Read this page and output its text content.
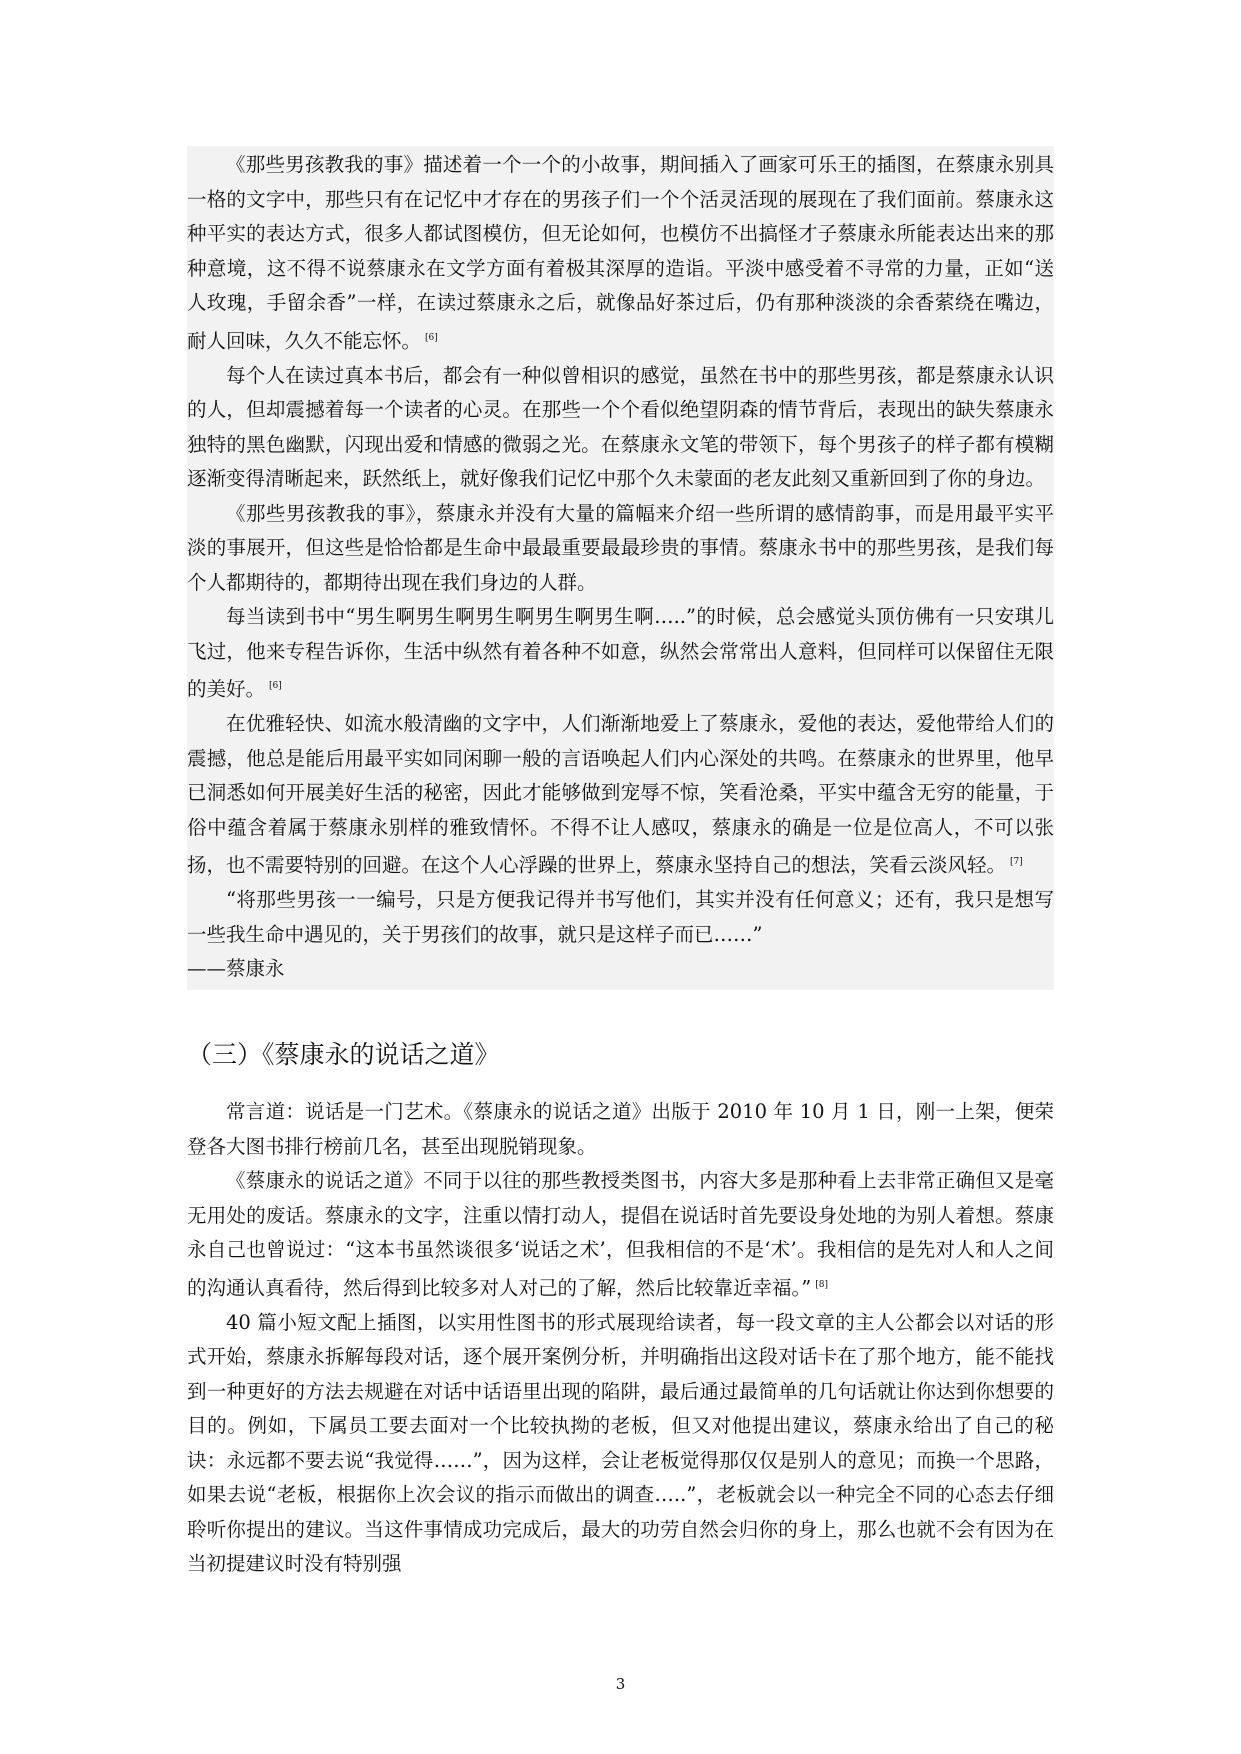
《那些男孩教我的事》描述着一个一个的小故事，期间插入了画家可乐王的插图，在蔡康永别具一格的文字中，那些只有在记忆中才存在的男孩子们一个个活灵活现的展现在了我们面前。蔡康永这种平实的表达方式，很多人都试图模仿，但无论如何，也模仿不出搞怪才子蔡康永所能表达出来的那种意境，这不得不说蔡康永在文学方面有着极其深厚的造诣。平淡中感受着不寻常的力量，正如“送人玫瑰，手留余香”一样，在读过蔡康永之后，就像品好茶过后，仍有那种淡淡的余香萦绕在嘴边，耐人回味，久久不能忘怀。 [6]

每个人在读过真本书后，都会有一种似曾相识的感觉，虽然在书中的那些男孩，都是蔡康永认识的人，但却震撼着每一个读者的心灵。在那些一个个看似绝望阴森的情节背后，表现出的缺失蔡康永独特的黑色幽默，闪现出爱和情感的微弱之光。在蔡康永文笔的带领下，每个男孩子的样子都有模糊逐渐变得清晰起来，跃然纸上，就好像我们记忆中那个久未蒙面的老友此刻又重新回到了你的身边。

《那些男孩教我的事》，蔡康永并没有大量的篇幅来介绍一些所谓的感情韵事，而是用最平实平淡的事展开，但这些是恰恰都是生命中最最重要最最珍贵的事情。蔡康永书中的那些男孩，是我们每个人都期待的，都期待出现在我们身边的人群。

每当读到书中“男生啊男生啊男生啊男生啊男生啊…..”的时候，总会感觉头顶仿佛有一只安琪儿飞过，他来专程告诉你，生活中纵然有着各种不如意，纵然会常常出人意料，但同样可以保留住无限的美好。 [6]

在优雅轻快、如流水般清幽的文字中，人们渐渐地爱上了蔡康永，爱他的表达，爱他带给人们的震撼，他总是能后用最平实如同闲聊一般的言语唤起人们内心深处的共鸣。在蔡康永的世界里，他早已洞悉如何开展美好生活的秘密，因此才能够做到宠辱不惊，笑看沧桑，平实中蕴含无穷的能量，于俗中蕴含着属于蔡康永别样的雅致情怀。不得不让人感叹，蔡康永的确是一位是位高人，不可以张扬，也不需要特别的回避。在这个人心浮躁的世界上，蔡康永坚持自己的想法，笑看云淡风轻。 [7]

“将那些男孩一一编号，只是方便我记得并书写他们，其实并没有任何意义；还有，我只是想写一些我生命中遇见的，关于男孩们的故事，就只是这样子而已……”

——蔡康永

（三）《蔡康永的说话之道》

常言道：说话是一门艺术。《蔡康永的说话之道》出版于 2010 年 10 月 1 日，刚一上架，便荣登各大图书排行榜前几名，甚至出现脱销现象。

《蔡康永的说话之道》不同于以往的那些教授类图书，内容大多是那种看上去非常正确但又是毫无用处的废话。蔡康永的文字，注重以情打动人，提倡在说话时首先要设身处地的为别人着想。蔡康永自己也曾说过：“这本书虽然谈很多‘说话之术’，但我相信的不是‘术’。我相信的是先对人和人之间的沟通认真看待，然后得到比较多对人对己的了解，然后比较靠近幸福。” [8]

40 篇小短文配上插图，以实用性图书的形式展现给读者，每一段文章的主人公都会以对话的形式开始，蔡康永拆解每段对话，逐个展开案例分析，并明确指出这段对话卡在了那个地方，能不能找到一种更好的方法去规避在对话中话语里出现的陷阱，最后通过最简单的几句话就让你达到你想要的目的。例如，下属员工要去面对一个比较执拗的老板，但又对他提出建议，蔡康永给出了自己的秘诀：永远都不要去说“我觉得……”，因为这样，会让老板觉得那仅仅是别人的意见；而换一个思路，如果去说“老板，根据你上次会议的指示而做出的调查…..”，老板就会以一种完全不同的心态去仔细聆听你提出的建议。当这件事情成功完成后，最大的功劳自然会归你的身上，那么也就不会有因为在当初提建议时没有特别强

3
